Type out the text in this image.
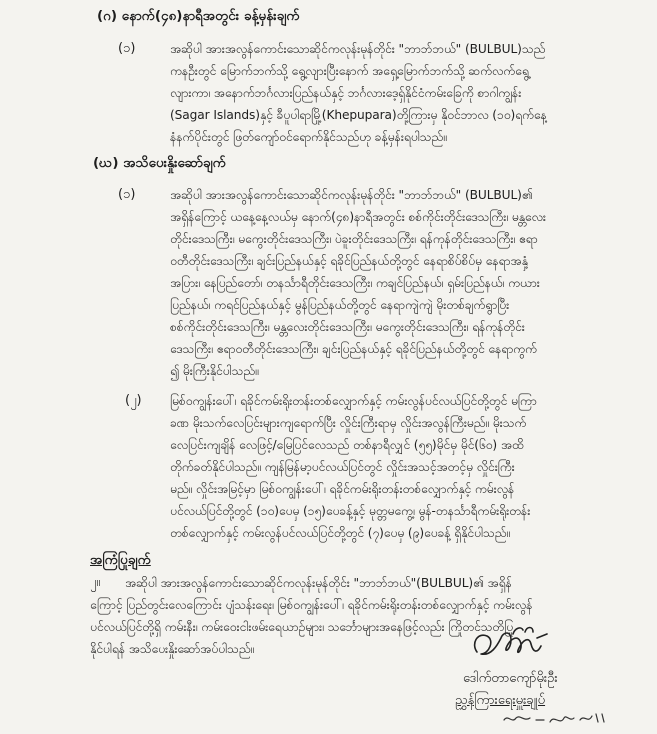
(ဂ) နောက်(၄၈)နာရီအတွင်း ခန့်မှန်းချက်
(၁)	အဆိုပါ အားအလွန်ကောင်းသောဆိုင်ကလုန်းမုန်တိုင်း "ဘာဘ်ဘယ်" (BULBUL)သည်
ကနဦးတွင် မြောက်ဘက်သို့ ရွေ့လျားပြီးနောက် အရှေ့မြောက်ဘက်သို့ ဆက်လက်ရွေ့
လျားကာ၊ အနောက်ဘင်္ဂလားပြည်နယ်နှင့် ဘင်္ဂလားဒေ့ရှ်နိုင်ငံကမ်းခြေကို စာဂါကျွန်း
(Sagar Islands)နှင့် ခီပူပါရာမြို့(Khepupara)တို့ကြားမှ နိုဝင်ဘာလ (၁၀)ရက်နေ့
နံနက်ပိုင်းတွင် ဖြတ်ကျော်ဝင်ရောက်နိုင်သည်ဟု ခန့်မှန်းရပါသည်။
(ဃ) အသိပေးနှိုးဆော်ချက်
(၁)	အဆိုပါ အားအလွန်ကောင်းသောဆိုင်ကလုန်းမုန်တိုင်း "ဘာဘ်ဘယ်" (BULBUL)၏
အရှိန်ကြောင့် ယနေ့နေ့လယ်မှ နောက်(၄၈)နာရီအတွင်း စစ်ကိုင်းတိုင်းဒေသကြီး၊ မန္တလေး
တိုင်းဒေသကြီး၊ မကွေးတိုင်းဒေသကြီး၊ ပဲခူးတိုင်းဒေသကြီး၊ ရန်ကုန်တိုင်းဒေသကြီး၊ ဧရာ
ဝတီတိုင်းဒေသကြီး၊ ချင်းပြည်နယ်နှင့် ရခိုင်ပြည်နယ်တို့တွင် နေရာစိပ်စိပ်မှ နေရာအနှံ့
အပြား၊ နေပြည်တော်၊ တနင်္သာရီတိုင်းဒေသကြီး၊ ကချင်ပြည်နယ်၊ ရှမ်းပြည်နယ်၊ ကယား
ပြည်နယ်၊ ကရင်ပြည်နယ်နှင့် မွန်ပြည်နယ်တို့တွင် နေရာကျဲကျဲ မိုးတစ်ချက်ရွာပြီး
စစ်ကိုင်းတိုင်းဒေသကြီး၊ မန္တလေးတိုင်းဒေသကြီး၊ မကွေးတိုင်းဒေသကြီး၊ ရန်ကုန်တိုင်း
ဒေသကြီး၊ ဧရာဝတီတိုင်းဒေသကြီး၊ ချင်းပြည်နယ်နှင့် ရခိုင်ပြည်နယ်တို့တွင် နေရာကွက်
၍ မိုးကြီးနိုင်ပါသည်။
(၂) မြစ်ဝကျွန်းပေါ်၊ ရခိုင်ကမ်းရိုးတန်းတစ်လျှောက်နှင့် ကမ်းလွန်ပင်လယ်ပြင်တို့တွင် မကြာ
ခဏ မိုးသက်လေပြင်းများကျရောက်ပြီး လှိုင်းကြီးရာမှ လှိုင်းအလွန်ကြီးမည်။ မိုးသက်
လေပြင်းကျချိန် လေဖြင့်/မြေပြင်လေသည် တစ်နာရီလျှင် (၅၅)မိုင်မှ မိုင်(၆၀) အထိ
တိုက်ခတ်နိုင်ပါသည်။ ကျန်မြန်မာ့ပင်လယ်ပြင်တွင် လှိုင်းအသင့်အတင့်မှ လှိုင်းကြီး
မည်။ လှိုင်းအမြင့်မှာ မြစ်ဝကျွန်းပေါ်၊ ရခိုင်ကမ်းရိုးတန်းတစ်လျှောက်နှင့် ကမ်းလွန်
ပင်လယ်ပြင်တို့တွင် (၁၀)ပေမှ (၁၅)ပေခန့်နှင့် မုတ္တမကွေ့၊ မွန်-တနင်္သာရီကမ်းရိုးတန်း
တစ်လျှောက်နှင့် ကမ်းလွန်ပင်လယ်ပြင်တို့တွင် (၇)ပေမှ (၉)ပေခန့် ရှိနိုင်ပါသည်။
အကြံပြုချက်
၂။ အဆိုပါ အားအလွန်ကောင်းသောဆိုင်ကလုန်းမုန်တိုင်း "ဘာဘ်ဘယ်"(BULBUL)၏ အရှိန်
ကြောင့် ပြည်တွင်းလေကြောင်း ပျံသန်းရေး၊ မြစ်ဝကျွန်းပေါ်၊ ရခိုင်ကမ်းရိုးတန်းတစ်လျှောက်နှင့် ကမ်းလွန်
ပင်လယ်ပြင်တို့ရှိ ကမ်းနီး၊ ကမ်းဝေးငါးဖမ်းရေယာဉ်များ၊ သင်္ဘောများအနေဖြင့်လည်း ကြိုတင်သတိပြု
နိုင်ပါရန် အသိပေးနှိုးဆော်အပ်ပါသည်။
ဒေါက်တာကျော်မိုးဦး
ညွှန်ကြားရေးမှူးချုပ်
